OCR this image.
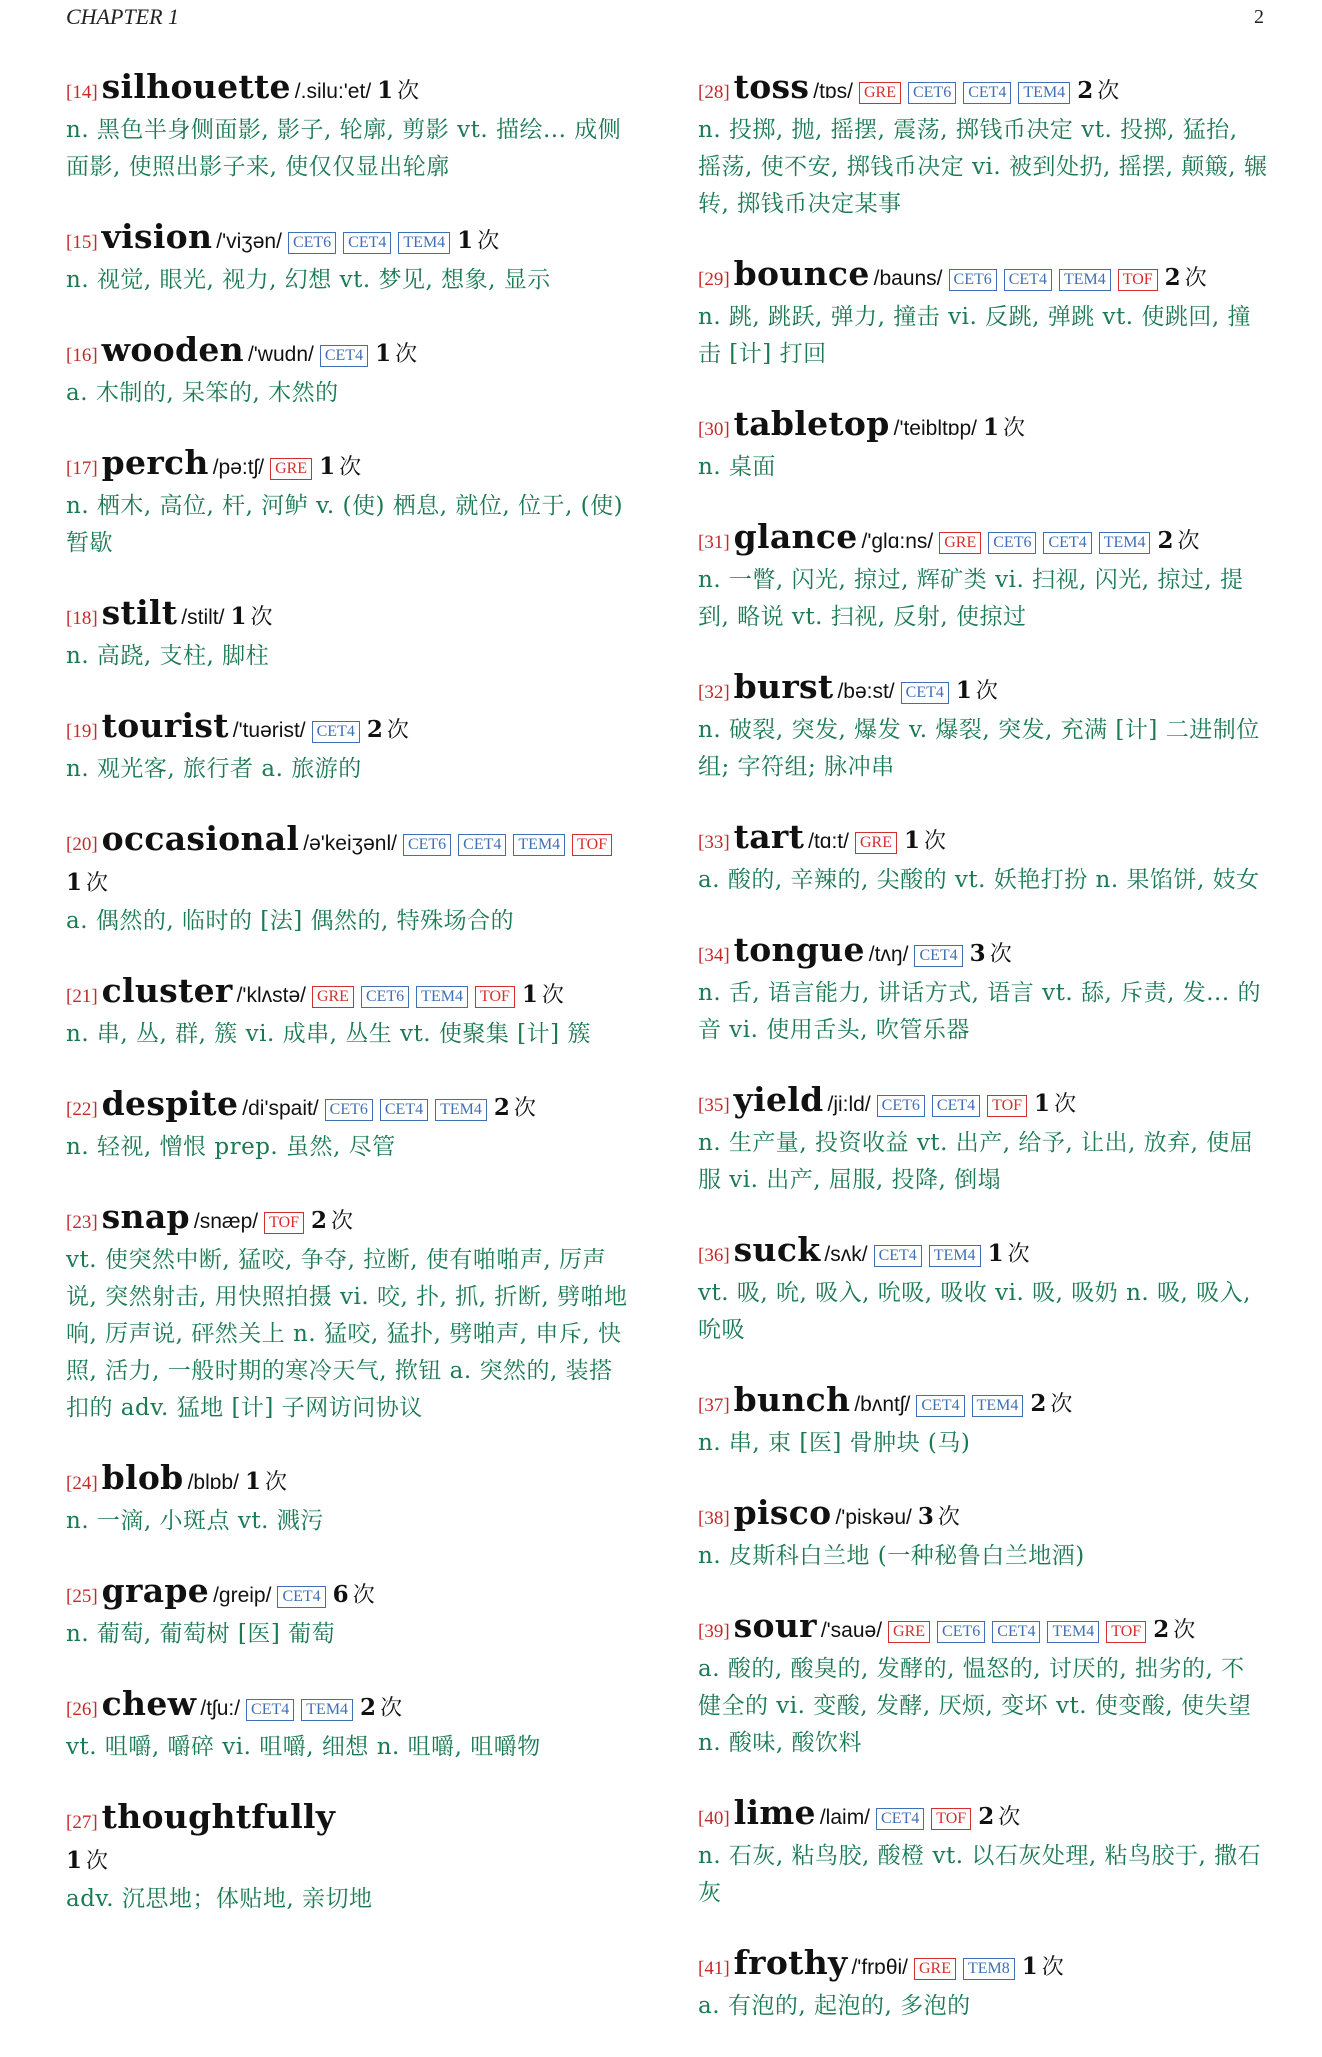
CHAPTER 1	2
[14] silhouette /.silu:'et/ 1 次
n. 黑色半身侧面影, 影子, 轮廓, 剪影 vt. 描绘... 成侧面影, 使照出影子来, 使仅仅显出轮廓
[15] vision /'viʒən/ CET6	CET4	TEM4 1 次
n. 视觉, 眼光, 视力, 幻想 vt. 梦见, 想象, 显示
[16] wooden /'wudn/ CET4 1 次
a. 木制的, 呆笨的, 木然的
[17] perch /pə:tʃ/ GRE 1 次
n. 栖木, 高位, 杆, 河鲈 v. (使) 栖息, 就位, 位于, (使) 暂歇
[18] stilt /stilt/ 1 次
n. 高跷, 支柱, 脚柱
[19] tourist /'tuərist/ CET4 2 次
n. 观光客, 旅行者 a. 旅游的
[20] occasional /ə'keiʒənl/ CET6	CET4	TEM4	TOF
1 次
a. 偶然的, 临时的 [法] 偶然的, 特殊场合的
[21] cluster /'klʌstə/ GRE	CET6	TEM4	TOF 1 次
n. 串, 丛, 群, 簇 vi. 成串, 丛生 vt. 使聚集 [计] 簇
[22] despite /di'spait/ CET6	CET4	TEM4 2 次
n. 轻视, 憎恨 prep. 虽然, 尽管
[23] snap /snæp/ TOF 2 次
vt. 使突然中断, 猛咬, 争夺, 拉断, 使有啪啪声, 厉声说, 突然射击, 用快照拍摄 vi. 咬, 扑, 抓, 折断, 劈啪地响, 厉声说, 砰然关上 n. 猛咬, 猛扑, 劈啪声, 申斥, 快照, 活力, 一般时期的寒冷天气, 揿钮 a. 突然的, 装搭扣的 adv. 猛地 [计] 子网访问协议
[24] blob /blɒb/ 1 次
n. 一滴, 小斑点 vt. 溅污
[25] grape /greip/ CET4 6 次
n. 葡萄, 葡萄树 [医] 葡萄
[26] chew /tʃu:/ CET4	TEM4 2 次
vt. 咀嚼, 嚼碎 vi. 咀嚼, 细想 n. 咀嚼, 咀嚼物
[27] thoughtfully
1 次
adv. 沉思地；体贴地, 亲切地
[28] toss /tɒs/ GRE	CET6	CET4	TEM4 2 次
n. 投掷, 抛, 摇摆, 震荡, 掷钱币决定 vt. 投掷, 猛抬, 摇荡, 使不安, 掷钱币决定 vi. 被到处扔, 摇摆, 颠簸, 辗转, 掷钱币决定某事
[29] bounce /bauns/ CET6	CET4	TEM4	TOF 2 次
n. 跳, 跳跃, 弹力, 撞击 vi. 反跳, 弹跳 vt. 使跳回, 撞击 [计] 打回
[30] tabletop /'teibltɒp/ 1 次
n. 桌面
[31] glance /'glɑ:ns/ GRE	CET6	CET4	TEM4 2 次
n. 一瞥, 闪光, 掠过, 辉矿类 vi. 扫视, 闪光, 掠过, 提到, 略说 vt. 扫视, 反射, 使掠过
[32] burst /bə:st/ CET4 1 次
n. 破裂, 突发, 爆发 v. 爆裂, 突发, 充满 [计] 二进制位组; 字符组; 脉冲串
[33] tart /tɑ:t/ GRE 1 次
a. 酸的, 辛辣的, 尖酸的 vt. 妖艳打扮 n. 果馅饼, 妓女
[34] tongue /tʌŋ/ CET4 3 次
n. 舌, 语言能力, 讲话方式, 语言 vt. 舔, 斥责, 发... 的音 vi. 使用舌头, 吹管乐器
[35] yield /ji:ld/ CET6	CET4	TOF 1 次
n. 生产量, 投资收益 vt. 出产, 给予, 让出, 放弃, 使屈服 vi. 出产, 屈服, 投降, 倒塌
[36] suck /sʌk/ CET4	TEM4 1 次
vt. 吸, 吮, 吸入, 吮吸, 吸收 vi. 吸, 吸奶 n. 吸, 吸入, 吮吸
[37] bunch /bʌntʃ/ CET4	TEM4 2 次
n. 串, 束 [医] 骨肿块 (马)
[38] pisco /'piskəu/ 3 次
n. 皮斯科白兰地 (一种秘鲁白兰地酒)
[39] sour /'sauə/ GRE	CET6	CET4	TEM4	TOF 2 次
a. 酸的, 酸臭的, 发酵的, 愠怒的, 讨厌的, 拙劣的, 不健全的 vi. 变酸, 发酵, 厌烦, 变坏 vt. 使变酸, 使失望 n. 酸味, 酸饮料
[40] lime /laim/ CET4	TOF 2 次
n. 石灰, 粘鸟胶, 酸橙 vt. 以石灰处理, 粘鸟胶于, 撒石灰
[41] frothy /'frɒθi/ GRE	TEM8 1 次
a. 有泡的, 起泡的, 多泡的
